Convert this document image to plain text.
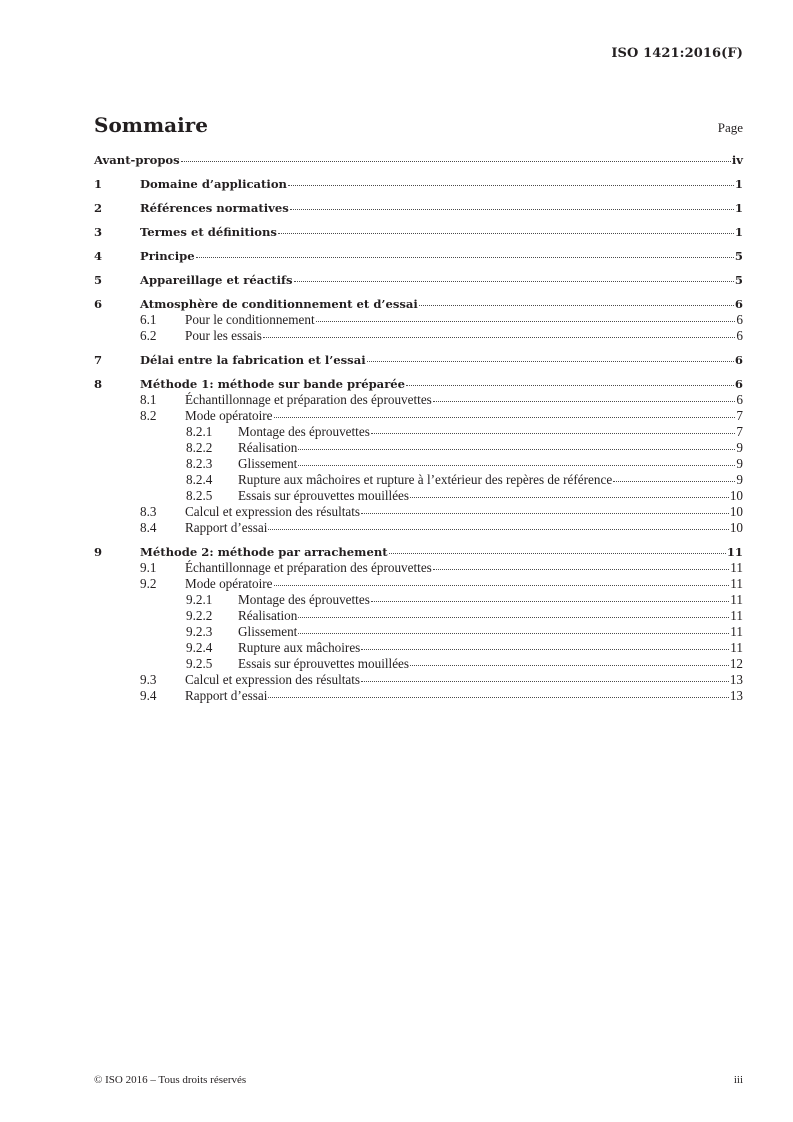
ISO 1421:2016(F)
Sommaire	Page
Avant-propos	iv
1	Domaine d’application	1
2	Références normatives	1
3	Termes et définitions	1
4	Principe	5
5	Appareillage et réactifs	5
6	Atmosphère de conditionnement et d’essai	6
6.1 Pour le conditionnement	6
6.2 Pour les essais	6
7	Délai entre la fabrication et l’essai	6
8	Méthode 1: méthode sur bande préparée	6
8.1 Échantillonnage et préparation des éprouvettes	6
8.2 Mode opératoire	7
8.2.1 Montage des éprouvettes	7
8.2.2 Réalisation	9
8.2.3 Glissement	9
8.2.4 Rupture aux mâchoires et rupture à l’extérieur des repères de référence	9
8.2.5 Essais sur éprouvettes mouillées	10
8.3 Calcul et expression des résultats	10
8.4 Rapport d’essai	10
9	Méthode 2: méthode par arrachement	11
9.1 Échantillonnage et préparation des éprouvettes	11
9.2 Mode opératoire	11
9.2.1 Montage des éprouvettes	11
9.2.2 Réalisation	11
9.2.3 Glissement	11
9.2.4 Rupture aux mâchoires	11
9.2.5 Essais sur éprouvettes mouillées	12
9.3 Calcul et expression des résultats	13
9.4 Rapport d’essai	13
© ISO 2016 – Tous droits réservés	iii
